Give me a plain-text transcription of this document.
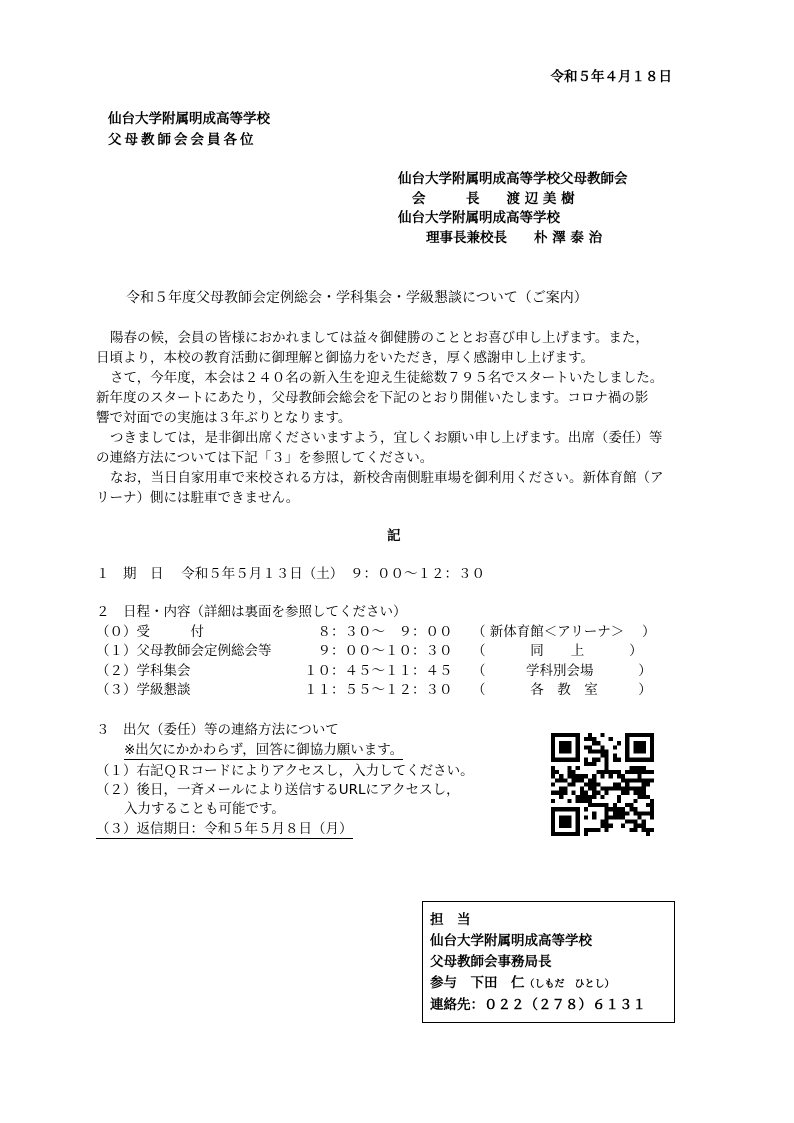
令和５年４月１８日
仙台大学附属明成高等学校
父母教師会会員各位
仙台大学附属明成高等学校父母教師会
会　　　長　　渡 辺 美 樹
仙台大学附属明成高等学校
理事長兼校長　　朴 澤 泰 治
令和５年度父母教師会定例総会・学科集会・学級懇談について（ご案内）

陽春の候，会員の皆様におかれましては益々御健勝のこととお喜び申し上げます。また，

日頃より，本校の教育活動に御理解と御協力をいただき，厚く感謝申し上げます。

さて，今年度，本会は２４０名の新入生を迎え生徒総数７９５名でスタートいたしました。

新年度のスタートにあたり，父母教師会総会を下記のとおり開催いたします。コロナ禍の影

響で対面での実施は３年ぶりとなります。

つきましては，是非御出席くださいますよう，宜しくお願い申し上げます。出席（委任）等

の連絡方法については下記「３」を参照してください。

なお，当日自家用車で来校される方は，新校舎南側駐車場を御利用ください。新体育館（ア

リーナ）側には駐車できません。

記
１　期　日　 令和５年５月１３日（土）　９：００～１２：３０
２　日程・内容（詳細は裏面を参照してください）
（０）受　　　付	　８：３０～　９：００ （ 新体育館＜アリーナ＞　 ）
（１）父母教師会定例総会等 　９：００～１０：３０ （　　　 同　　上　　　 ）
（２）学科集会	１０：４５～１１：４５ （　　　学科別会場　　　 ）
（３）学級懇談	１１：５５～１２：３０ （　　　 各　教　室　　　）
３　出欠（委任）等の連絡方法について
※出欠にかかわらず，回答に御協力願います。
（１）右記ＱＲコードによりアクセスし，入力してください。
（２）後日，一斉メールにより送信するURLにアクセスし，
入力することも可能です。
（３）返信期日：令和５年５月８日（月）
担　当
仙台大学附属明成高等学校
父母教師会事務局長
参与　下田　仁（しもだ　ひとし）
連絡先：０２２（２７８）６１３１
